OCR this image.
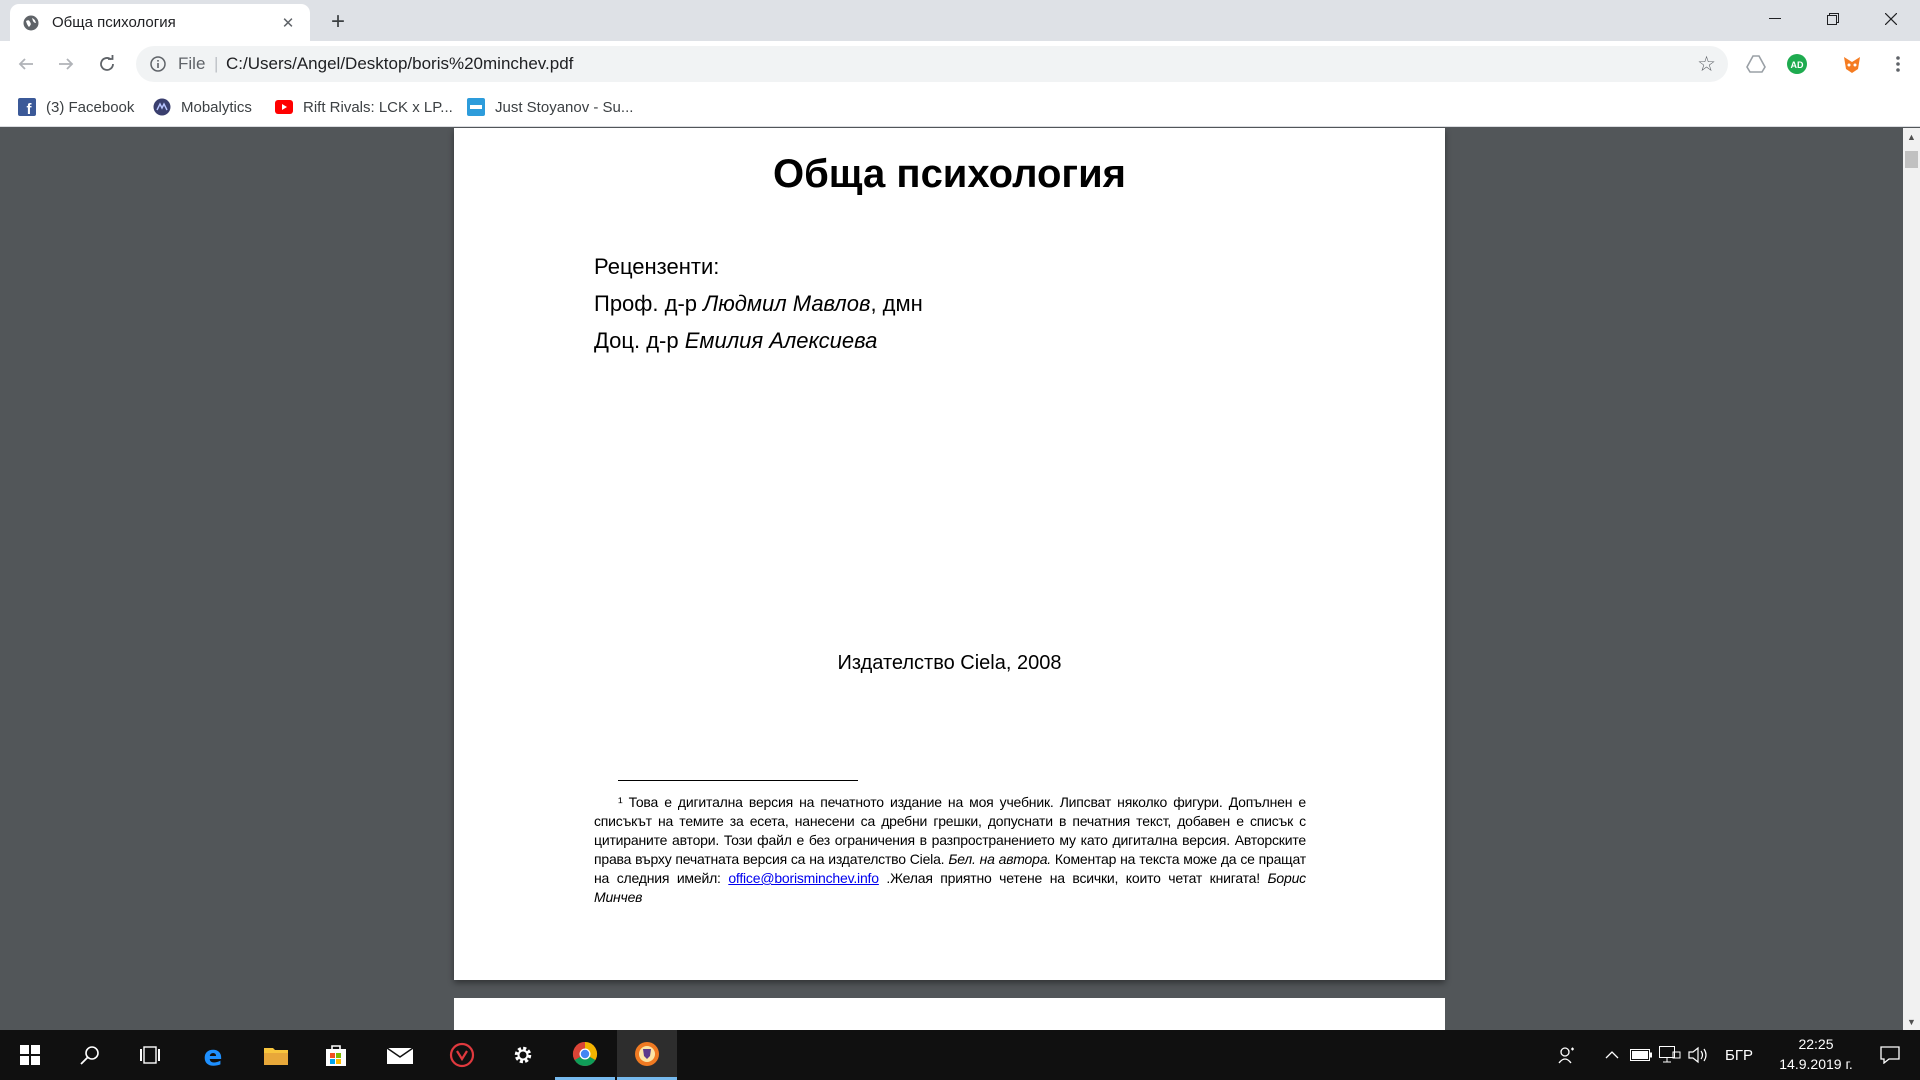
Обща психология	✕ +
File | C:/Users/Angel/Desktop/boris%20minchev.pdf	☆	AD
f (3) Facebook	Mobalytics	Rift Rivals: LCK x LP...	Just Stoyanov - Su...
Обща психология
Рецензенти:
Проф. д-р Людмил Мавлов, дмн
Доц. д-р Емилия Алексиева
Издателство Ciela, 2008
¹ Това е дигитална версия на печатното издание на моя учебник. Липсват няколко фигури. Допълнен е списъкът на темите за есета, нанесени са дребни грешки, допуснати в печатния текст, добавен е списък с цитираните автори. Този файл е без ограничения в разпространението му като дигитална версия. Авторските права върху печатната версия са на издателство Ciela. Бел. на автора. Коментар на текста може да се пращат на следния имейл: office@borisminchev.info .Желая приятно четене на всички, които четат книгата! Борис Минчев
▲
▼
e	БГР
22:25
14.9.2019 г.
